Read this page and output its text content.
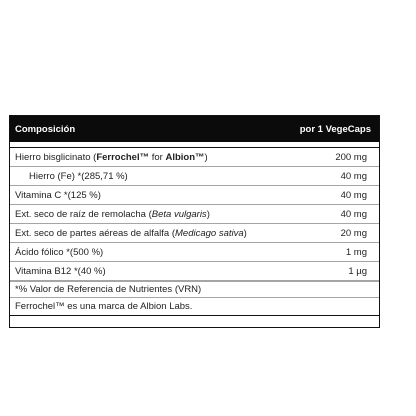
Composición	por 1 VegeCaps
Hierro bisglicinato (Ferrochel™ for Albion™)	200 mg
Hierro (Fe) *(285,71 %)	40 mg
Vitamina C *(125 %)	40 mg
Ext. seco de raíz de remolacha (Beta vulgaris)	40 mg
Ext. seco de partes aéreas de alfalfa (Medicago sativa)	20 mg
Ácido fólico *(500 %)	1 mg
Vitamina B12 *(40 %)	1 µg
*% Valor de Referencia de Nutrientes (VRN)
Ferrochel™ es una marca de Albion Labs.
